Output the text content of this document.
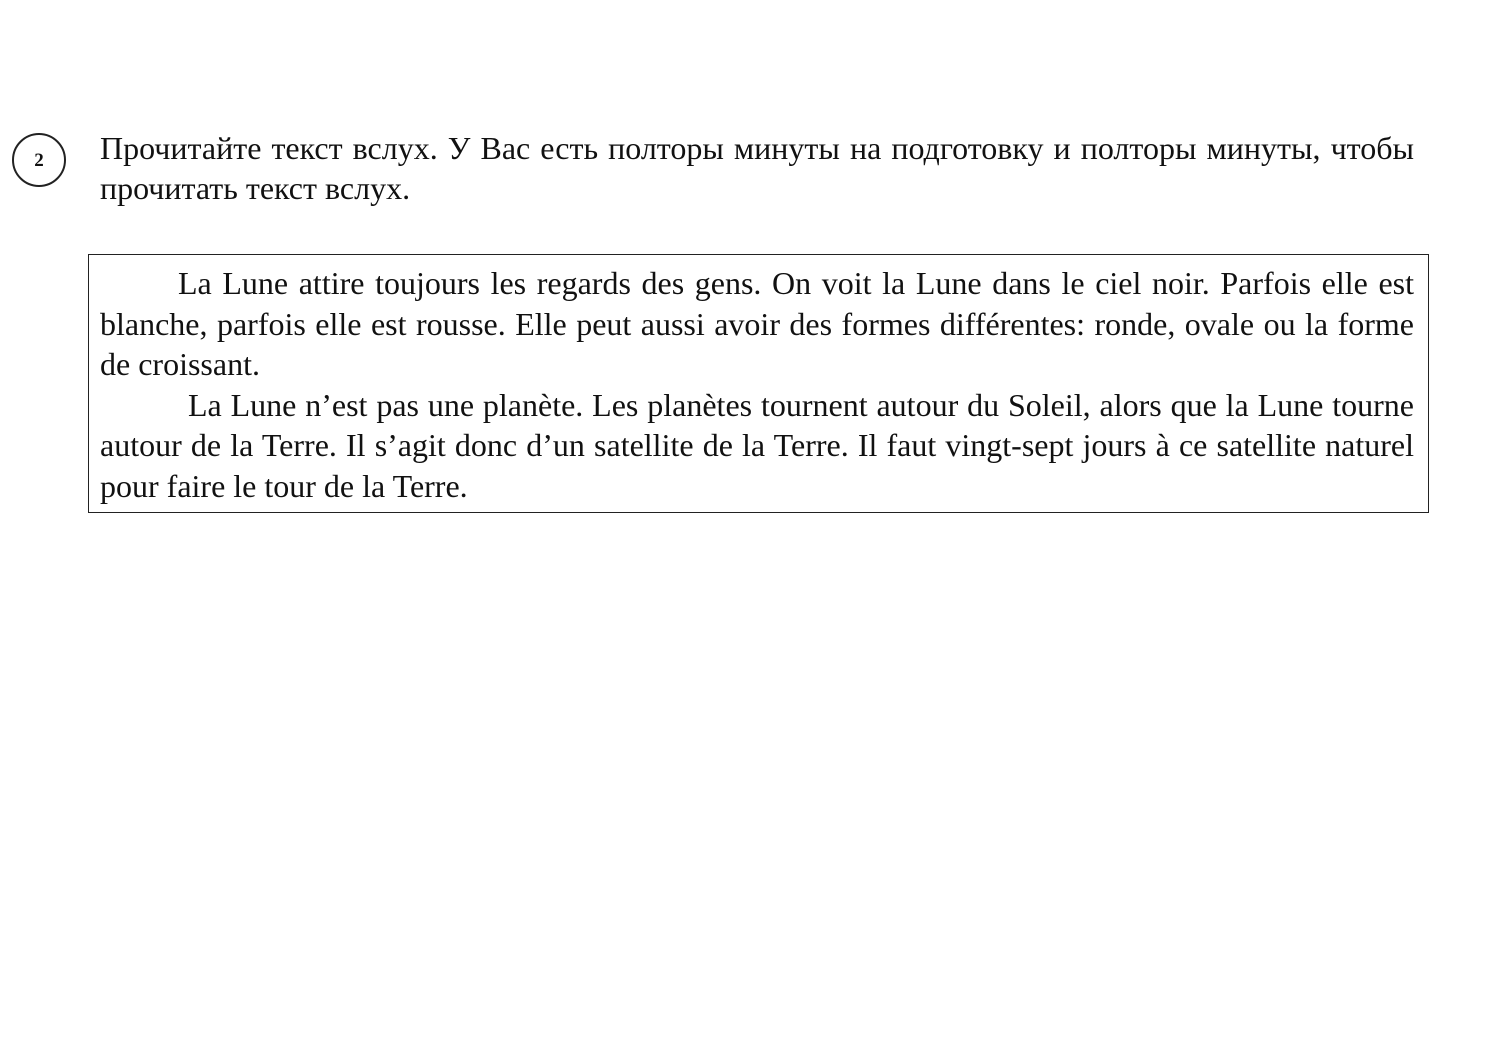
2 Прочитайте текст вслух. У Вас есть полторы минуты на подготовку и полторы минуты, чтобы прочитать текст вслух.

La Lune attire toujours les regards des gens. On voit la Lune dans le ciel noir. Parfois elle est blanche, parfois elle est rousse. Elle peut aussi avoir des formes différentes: ronde, ovale ou la forme de croissant.

La Lune n’est pas une planète. Les planètes tournent autour du Soleil, alors que la Lune tourne autour de la Terre. Il s’agit donc d’un satellite de la Terre. Il faut vingt-sept jours à ce satellite naturel pour faire le tour de la Terre.
